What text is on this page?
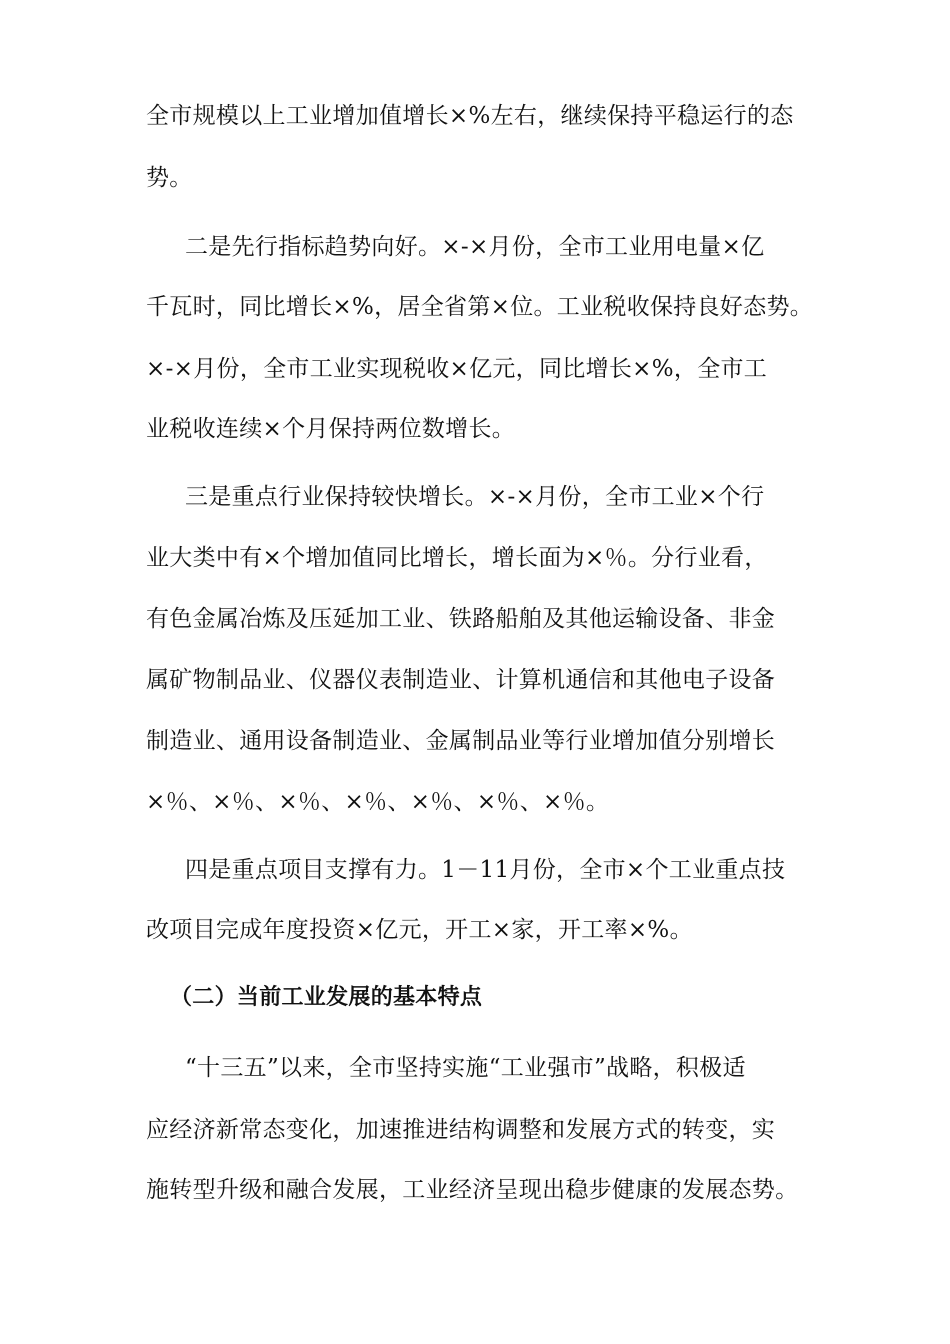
全市规模以上工业增加值增长×%左右，继续保持平稳运行的态
势。
二是先行指标趋势向好。×-×月份，全市工业用电量×亿
千瓦时，同比增长×%，居全省第×位。工业税收保持良好态势。
×-×月份，全市工业实现税收×亿元，同比增长×%，全市工
业税收连续×个月保持两位数增长。
三是重点行业保持较快增长。×-×月份，全市工业×个行
业大类中有×个增加值同比增长，增长面为×％。分行业看，
有色金属冶炼及压延加工业、铁路船舶及其他运输设备、非金
属矿物制品业、仪器仪表制造业、计算机通信和其他电子设备
制造业、通用设备制造业、金属制品业等行业增加值分别增长
×％、×％、×％、×％、×％、×％、×％。
四是重点项目支撑有力。1－11月份，全市×个工业重点技
改项目完成年度投资×亿元，开工×家，开工率×%。
（二）当前工业发展的基本特点
“十三五”以来，全市坚持实施“工业强市”战略，积极适
应经济新常态变化，加速推进结构调整和发展方式的转变，实
施转型升级和融合发展，工业经济呈现出稳步健康的发展态势。
